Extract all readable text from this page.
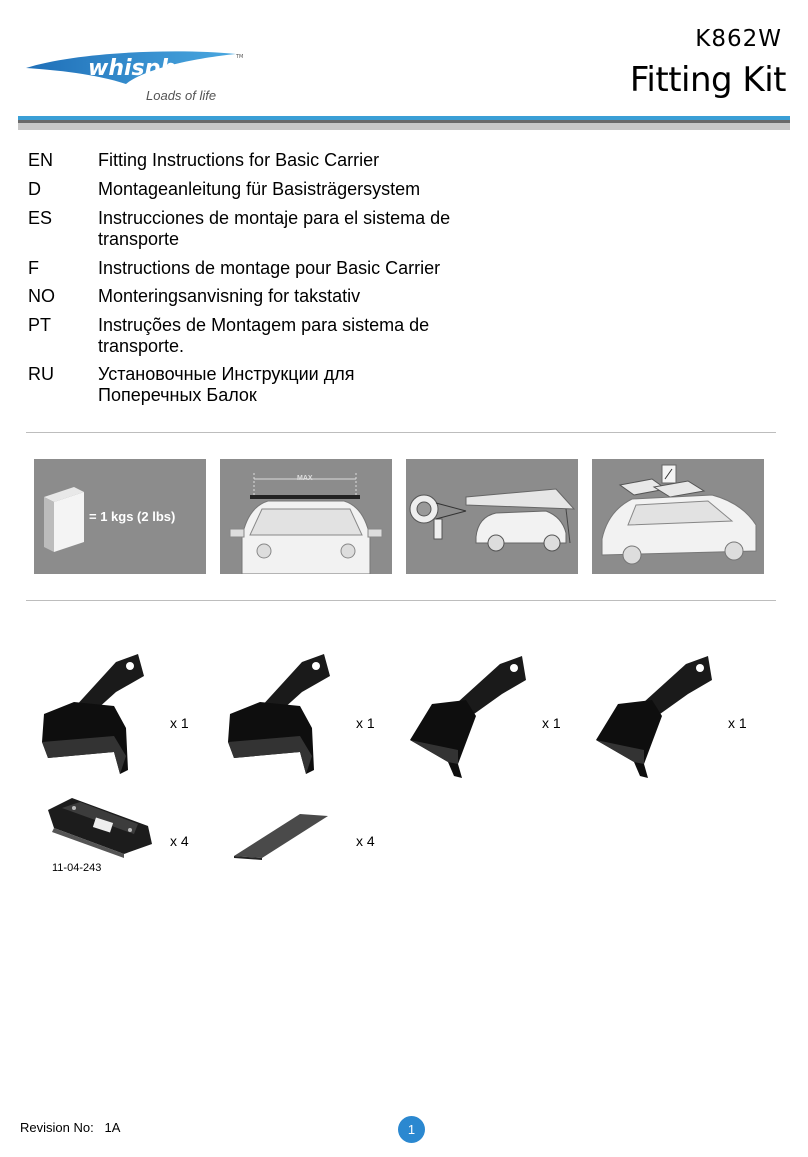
whispbar	TM
Loads of life
K862W
Fitting Kit
EN Fitting Instructions for Basic Carrier
D	Montageanleitung für Basisträgersystem
ES	Instrucciones de montaje para el sistema de transporte
F	Instructions de montage pour Basic Carrier
NO Monteringsanvisning for takstativ
PT	Instruções de Montagem para sistema de transporte.
RU Установочные Инструкции для Поперечных Балок
= 1 kgs (2 lbs)
MAX
x 1	x 1	x 1	x 1
x 4
11-04-243
x 4
Revision No: 1A	1
